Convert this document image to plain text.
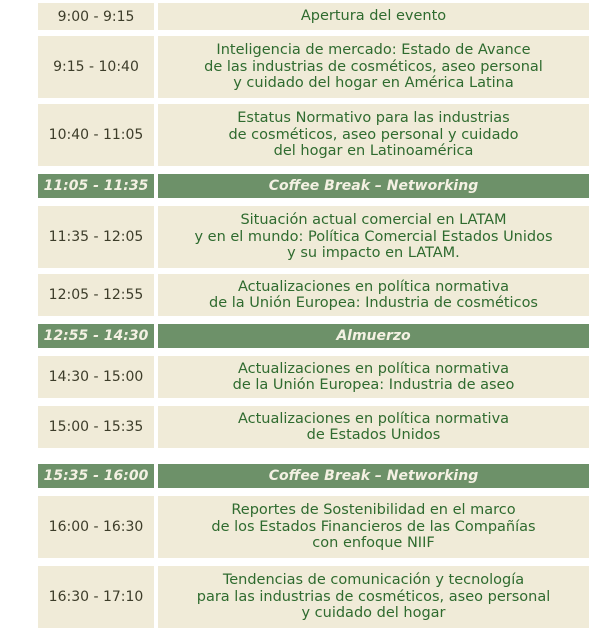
9:00 - 9:15	Apertura del evento
9:15 - 10:40
Inteligencia de mercado: Estado de Avance
de las industrias de cosméticos, aseo personal
y cuidado del hogar en América Latina
10:40 - 11:05
Estatus Normativo para las industrias
de cosméticos, aseo personal y cuidado
del hogar en Latinoamérica
11:05 - 11:35	Coffee Break – Networking
11:35 - 12:05
Situación actual comercial en LATAM
y en el mundo: Política Comercial Estados Unidos
y su impacto en LATAM.
12:05 - 12:55
Actualizaciones en política normativa
de la Unión Europea: Industria de cosméticos
12:55 - 14:30	Almuerzo
14:30 - 15:00
Actualizaciones en política normativa
de la Unión Europea: Industria de aseo
15:00 - 15:35
Actualizaciones en política normativa
de Estados Unidos
15:35 - 16:00	Coffee Break – Networking
16:00 - 16:30
Reportes de Sostenibilidad en el marco
de los Estados Financieros de las Compañías
con enfoque NIIF
16:30 - 17:10
Tendencias de comunicación y tecnología
para las industrias de cosméticos, aseo personal
y cuidado del hogar
